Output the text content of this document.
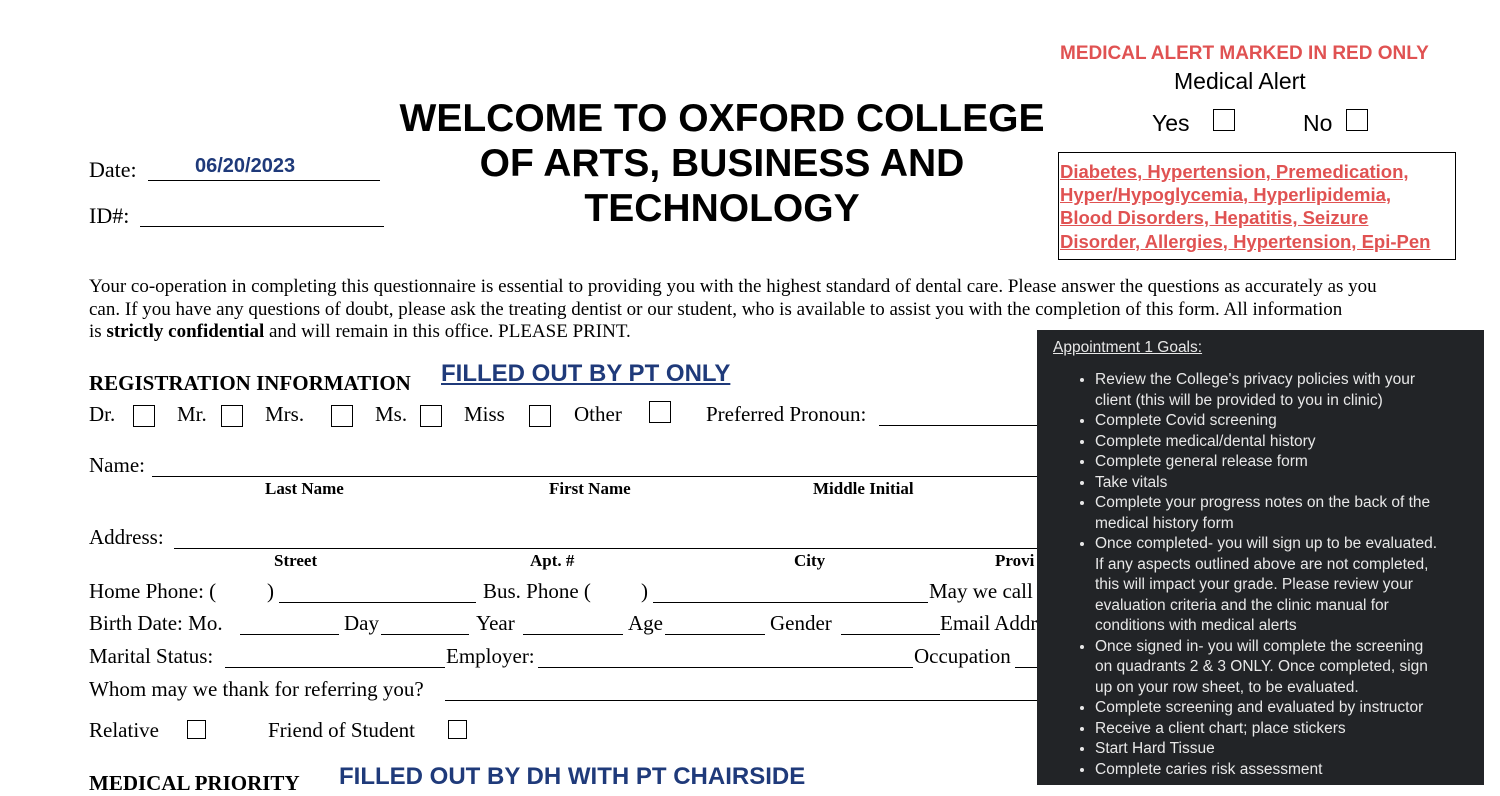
MEDICAL ALERT MARKED IN RED ONLY
Medical Alert
Yes	No
Diabetes, Hypertension, Premedication,
Hyper/Hypoglycemia, Hyperlipidemia,
Blood Disorders, Hepatitis, Seizure
Disorder, Allergies, Hypertension, Epi-Pen
WELCOME TO OXFORD COLLEGE
OF ARTS, BUSINESS AND
TECHNOLOGY
Date:	06/20/2023
ID#:

Your co-operation in completing this questionnaire is essential to providing you with the highest standard of dental care. Please answer the questions as accurately as you

can. If you have any questions of doubt, please ask the treating dentist or our student, who is available to assist you with the completion of this form. All information

is strictly confidential and will remain in this office. PLEASE PRINT.

REGISTRATION INFORMATION FILLED OUT BY PT ONLY
Dr.	Mr.	Mrs.	Ms.	Miss	Other	Preferred Pronoun:
Name:
Last Name	First Name	Middle Initial
Address:
Street	Apt. #	City	Provi
Home Phone: ( )	Bus. Phone ( )	May we call
Birth Date: Mo.	Day	Year	Age	Gender	Email Addr
Marital Status:	Employer:	Occupation
Whom may we thank for referring you?
Relative	Friend of Student
MEDICAL PRIORITY FILLED OUT BY DH WITH PT CHAIRSIDE
Appointment 1 Goals:
• Review the College's privacy policies with your
client (this will be provided to you in clinic)
• Complete Covid screening
• Complete medical/dental history
• Complete general release form
• Take vitals
• Complete your progress notes on the back of the
medical history form
• Once completed- you will sign up to be evaluated.
If any aspects outlined above are not completed,
this will impact your grade. Please review your
evaluation criteria and the clinic manual for
conditions with medical alerts
• Once signed in- you will complete the screening
on quadrants 2 & 3 ONLY. Once completed, sign
up on your row sheet, to be evaluated.
• Complete screening and evaluated by instructor
• Receive a client chart; place stickers
• Start Hard Tissue
• Complete caries risk assessment
